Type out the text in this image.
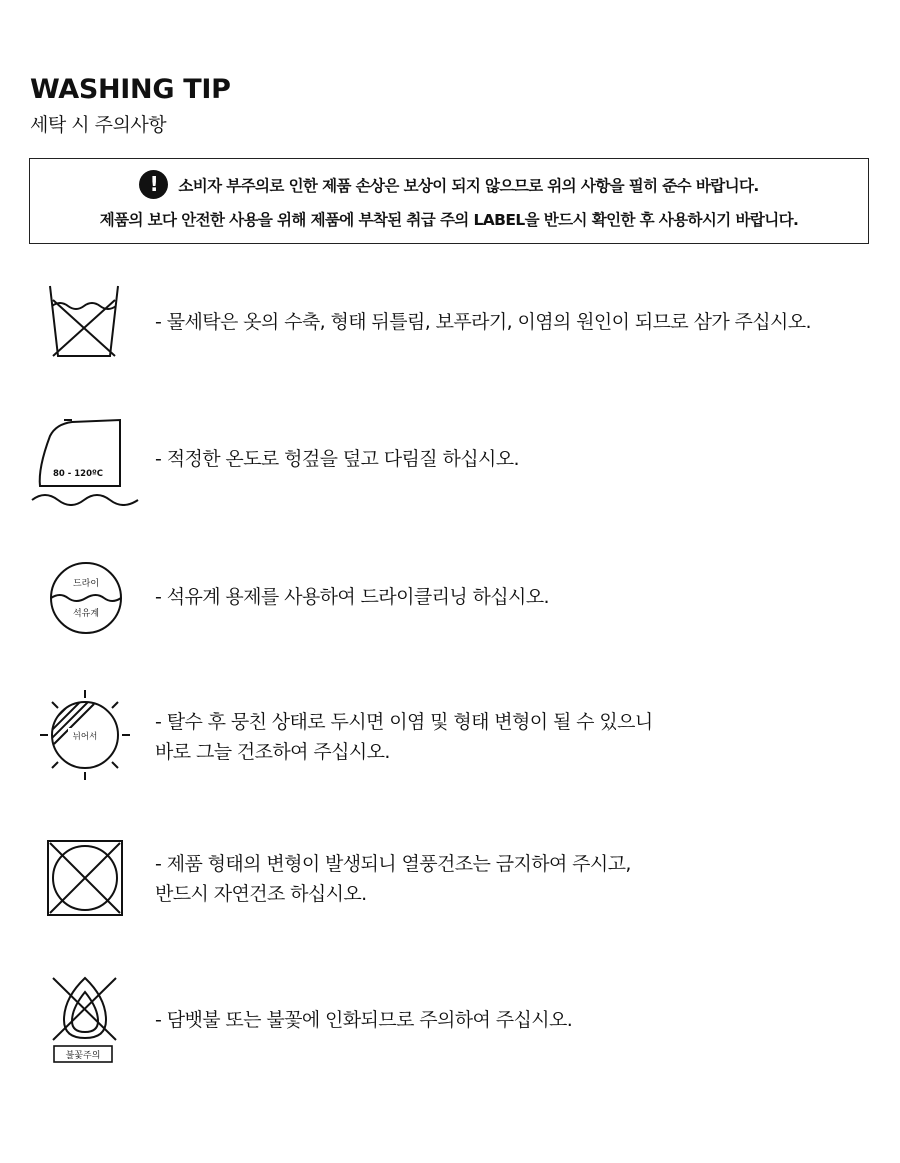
WASHING TIP
세탁 시 주의사항
! 소비자 부주의로 인한 제품 손상은 보상이 되지 않으므로 위의 사항을 필히 준수 바랍니다.
제품의 보다 안전한 사용을 위해 제품에 부착된 취급 주의 LABEL을 반드시 확인한 후 사용하시기 바랍니다.
- 물세탁은 옷의 수축, 형태 뒤틀림, 보푸라기, 이염의 원인이 되므로 삼가 주십시오.
80 - 120ºC
- 적정한 온도로 헝겊을 덮고 다림질 하십시오.
드라이
석유계
- 석유계 용제를 사용하여 드라이클리닝 하십시오.
뉘어서
- 탈수 후 뭉친 상태로 두시면 이염 및 형태 변형이 될 수 있으니
바로 그늘 건조하여 주십시오.
- 제품 형태의 변형이 발생되니 열풍건조는 금지하여 주시고,
반드시 자연건조 하십시오.
불꽃주의
- 담뱃불 또는 불꽃에 인화되므로 주의하여 주십시오.
